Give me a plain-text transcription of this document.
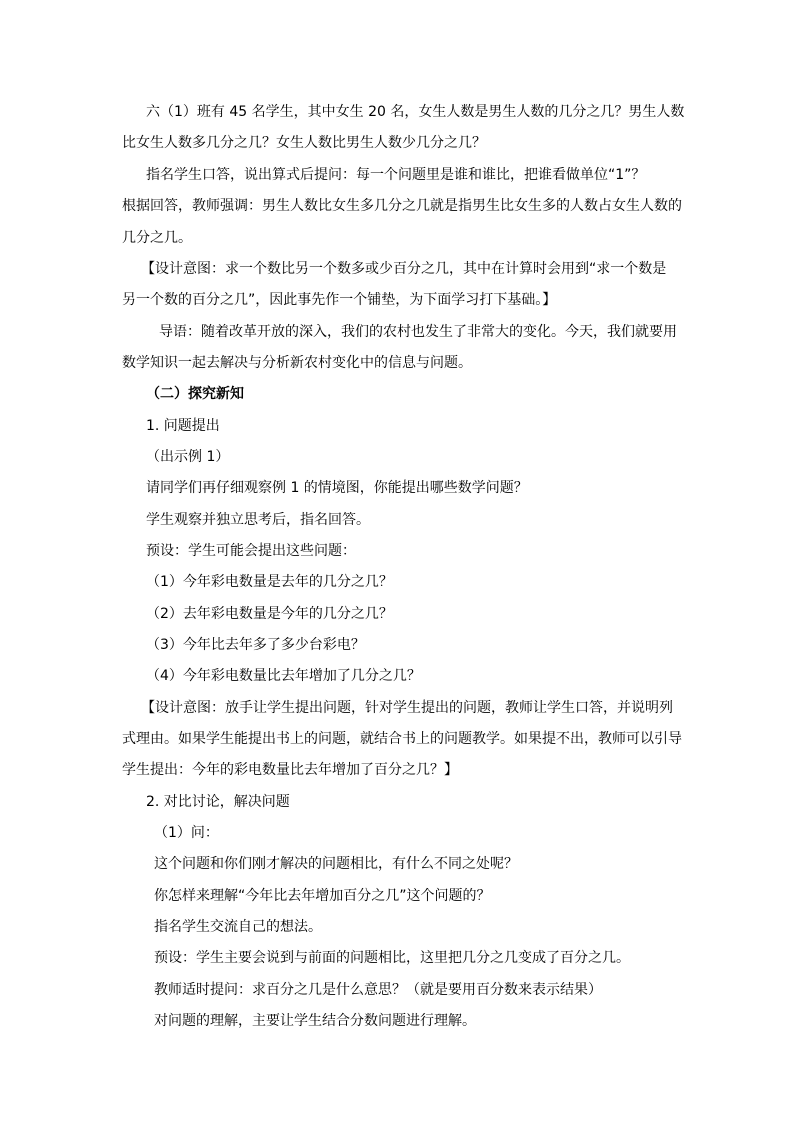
六（1）班有 45 名学生，其中女生 20 名，女生人数是男生人数的几分之几？男生人数
比女生人数多几分之几？女生人数比男生人数少几分之几？
指名学生口答，说出算式后提问：每一个问题里是谁和谁比，把谁看做单位“1”？
根据回答，教师强调：男生人数比女生多几分之几就是指男生比女生多的人数占女生人数的
几分之几。
【设计意图：求一个数比另一个数多或少百分之几，其中在计算时会用到“求一个数是
另一个数的百分之几”，因此事先作一个铺垫，为下面学习打下基础。】
导语：随着改革开放的深入，我们的农村也发生了非常大的变化。今天，我们就要用
数学知识一起去解决与分析新农村变化中的信息与问题。
（二）探究新知
1. 问题提出
（出示例 1）
请同学们再仔细观察例 1 的情境图，你能提出哪些数学问题？
学生观察并独立思考后，指名回答。
预设：学生可能会提出这些问题：
（1）今年彩电数量是去年的几分之几？
（2）去年彩电数量是今年的几分之几？
（3）今年比去年多了多少台彩电？
（4）今年彩电数量比去年增加了几分之几？
【设计意图：放手让学生提出问题，针对学生提出的问题，教师让学生口答，并说明列
式理由。如果学生能提出书上的问题，就结合书上的问题教学。如果提不出，教师可以引导
学生提出：今年的彩电数量比去年增加了百分之几？】
2. 对比讨论，解决问题
（1）问：
这个问题和你们刚才解决的问题相比，有什么不同之处呢？
你怎样来理解“今年比去年增加百分之几”这个问题的？
指名学生交流自己的想法。
预设：学生主要会说到与前面的问题相比，这里把几分之几变成了百分之几。
教师适时提问：求百分之几是什么意思？（就是要用百分数来表示结果）
对问题的理解，主要让学生结合分数问题进行理解。
